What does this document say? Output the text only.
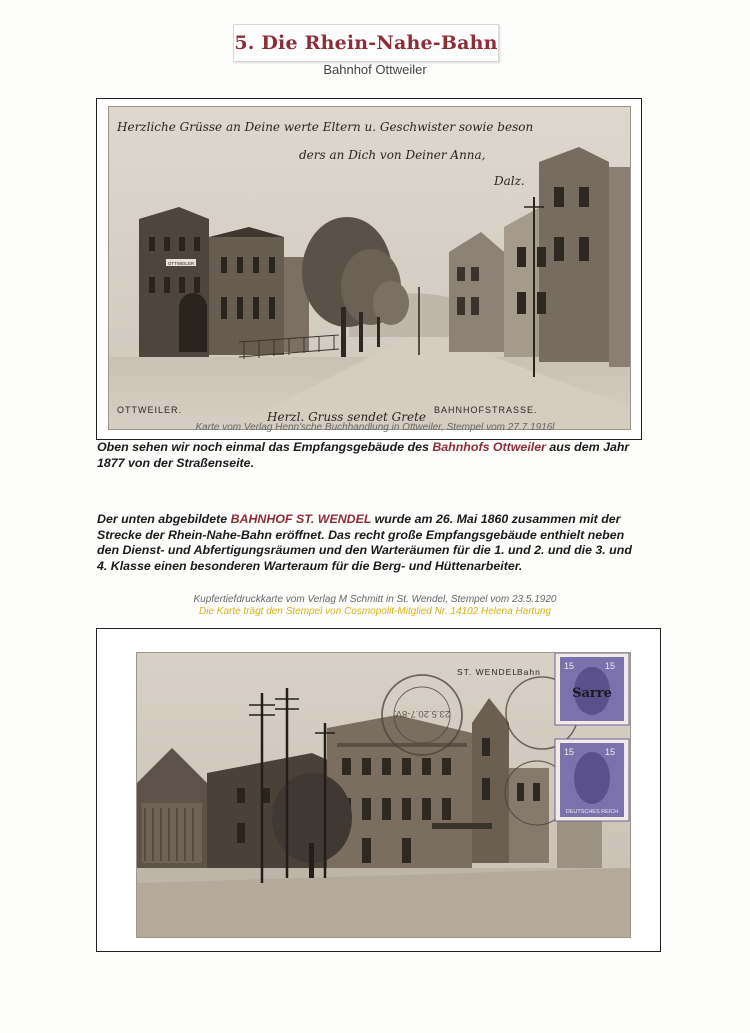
5. Die Rhein-Nahe-Bahn
Bahnhof Ottweiler
OTTWEILER
Herzliche Grüsse an Deine werte Eltern u. Geschwister sowie beson
ders an Dich von Deiner Anna,
Dalz.
Herzl. Gruss sendet Grete
OTTWEILER.	BAHNHOFSTRASSE.
Karte vom Verlag Henn'sche Buchhandlung in Ottweiler, Stempel vom 27.7.1916l
Oben sehen wir noch einmal das Empfangsgebäude des Bahnhofs Ottweiler aus dem Jahr 1877 von der Straßenseite.
Der unten abgebildete BAHNHOF ST. WENDEL wurde am 26. Mai 1860 zusammen mit der Strecke der Rhein-Nahe-Bahn eröffnet. Das recht große Empfangsgebäude enthielt neben den Dienst- und Abfertigungsräumen und den Warteräumen für die 1. und 2. und die 3. und 4. Klasse einen besonderen Warteraum für die Berg- und Hüttenarbeiter.
Kupfertiefdruckkarte vom Verlag M Schmitt in St. Wendel, Stempel vom 23.5.1920
Die Karte trägt den Stempel von Cosmopolit-Mitglied Nr. 14102 Helena Hartung
ST. WENDEL
Bahn
23.5.20.7-8V.
15	15
Sarre
15	15
DEUTSCHES REICH
